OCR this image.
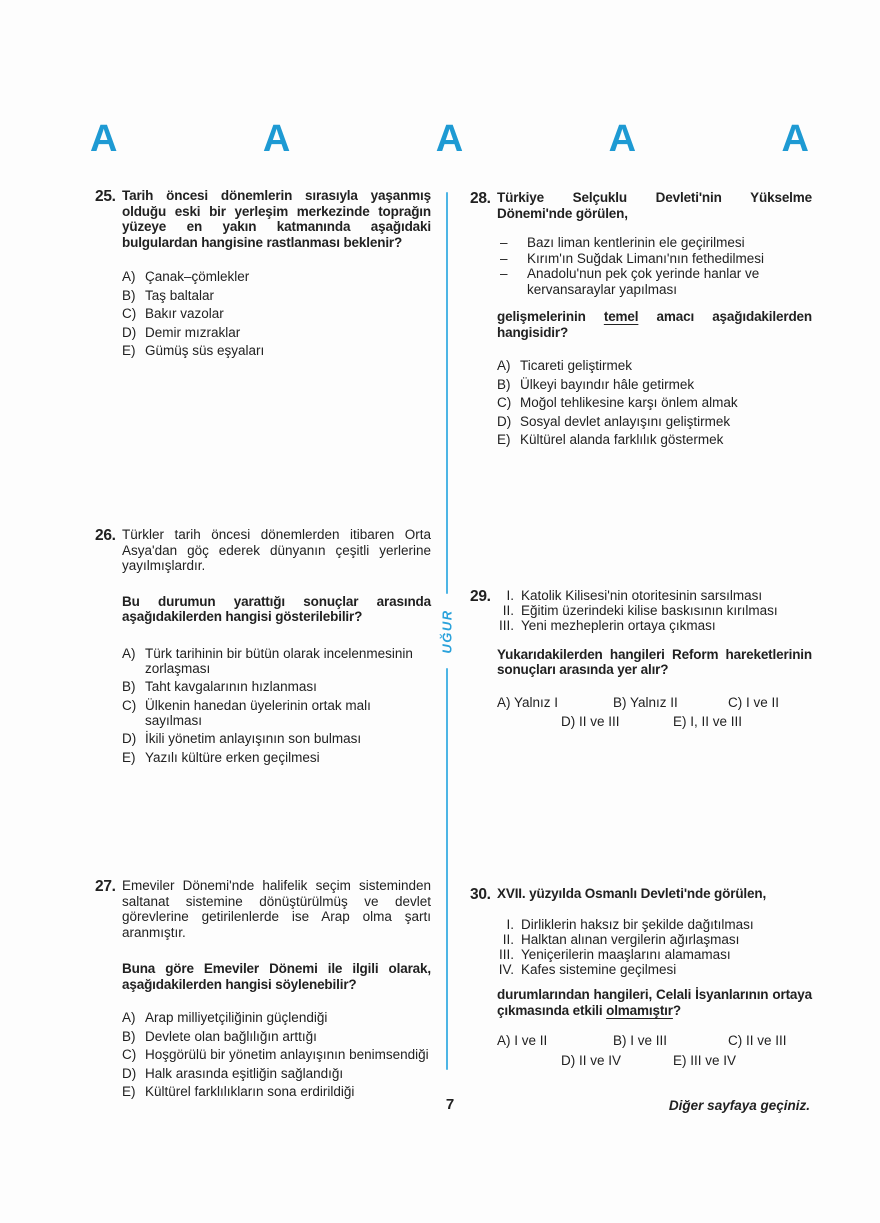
A	A	A	A	A
UĞUR
25. Tarih öncesi dönemlerin sırasıyla yaşanmış olduğu eski bir yerleşim merkezinde toprağın yüzeye en yakın katmanında aşağıdaki bulgulardan hangisine rastlanması beklenir?

A) Çanak–çömlekler
B) Taş baltalar
C) Bakır vazolar
D) Demir mızraklar
E) Gümüş süs eşyaları
26. Türkler tarih öncesi dönemlerden itibaren Orta Asya'dan göç ederek dünyanın çeşitli yerlerine yayılmışlardır.

Bu durumun yarattığı sonuçlar arasında aşağıdakilerden hangisi gösterilebilir?

A) Türk tarihinin bir bütün olarak incelenmesinin zorlaşması
B) Taht kavgalarının hızlanması
C) Ülkenin hanedan üyelerinin ortak malı sayılması
D) İkili yönetim anlayışının son bulması
E) Yazılı kültüre erken geçilmesi
27. Emeviler Dönemi'nde halifelik seçim sisteminden saltanat sistemine dönüştürülmüş ve devlet görevlerine getirilenlerde ise Arap olma şartı aranmıştır.

Buna göre Emeviler Dönemi ile ilgili olarak, aşağıdakilerden hangisi söylenebilir?

A) Arap milliyetçiliğinin güçlendiği
B) Devlete olan bağlılığın arttığı
C) Hoşgörülü bir yönetim anlayışının benimsendiği
D) Halk arasında eşitliğin sağlandığı
E) Kültürel farklılıkların sona erdirildiği
28. Türkiye Selçuklu Devleti'nin Yükselme Dönemi'nde görülen,

–	Bazı liman kentlerinin ele geçirilmesi
–	Kırım'ın Suğdak Limanı'nın fethedilmesi
–	Anadolu'nun pek çok yerinde hanlar ve kervansaraylar yapılması

gelişmelerinin temel amacı aşağıdakilerden hangisidir?

A) Ticareti geliştirmek
B) Ülkeyi bayındır hâle getirmek
C) Moğol tehlikesine karşı önlem almak
D) Sosyal devlet anlayışını geliştirmek
E) Kültürel alanda farklılık göstermek
29.	I. Katolik Kilisesi'nin otoritesinin sarsılması
II. Eğitim üzerindeki kilise baskısının kırılması
III. Yeni mezheplerin ortaya çıkması

Yukarıdakilerden hangileri Reform hareketlerinin sonuçları arasında yer alır?

A) Yalnız I	B) Yalnız II	C) I ve II
D) II ve III	E) I, II ve III
30. XVII. yüzyılda Osmanlı Devleti'nde görülen,

I. Dirliklerin haksız bir şekilde dağıtılması
II. Halktan alınan vergilerin ağırlaşması
III. Yeniçerilerin maaşlarını alamaması
IV. Kafes sistemine geçilmesi

durumlarından hangileri, Celali İsyanlarının ortaya çıkmasında etkili olmamıştır?

A) I ve II	B) I ve III	C) II ve III
D) II ve IV	E) III ve IV
7	Diğer sayfaya geçiniz.
